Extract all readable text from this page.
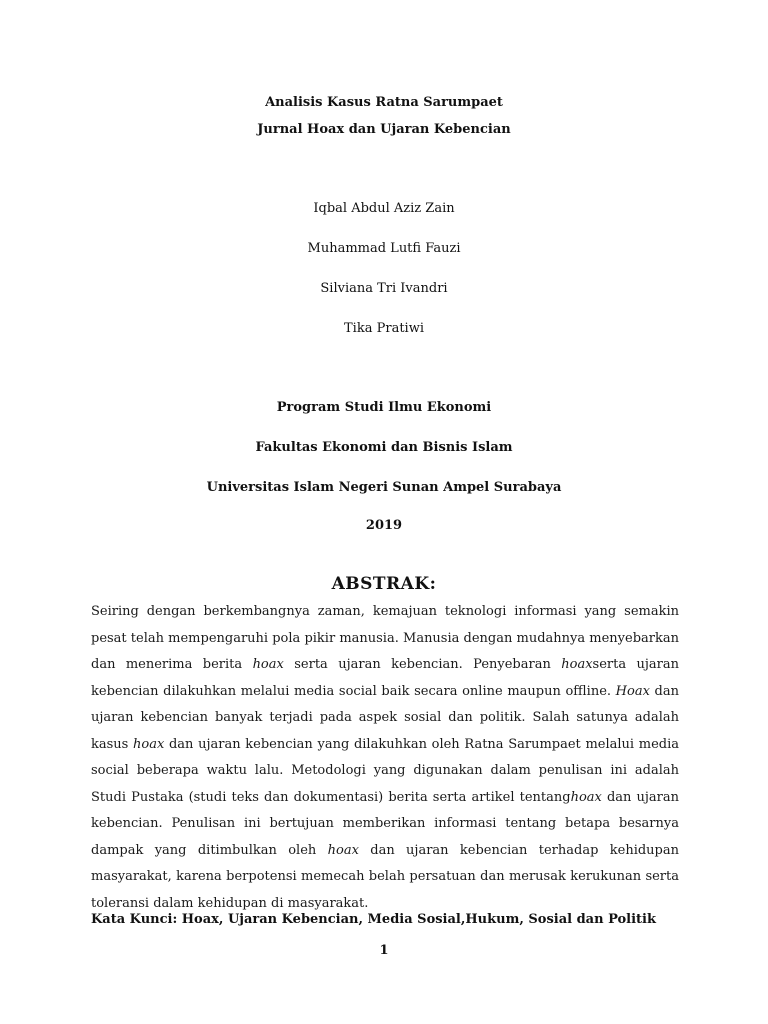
Analisis Kasus Ratna Sarumpaet
Jurnal Hoax dan Ujaran Kebencian
Iqbal Abdul Aziz Zain
Muhammad Lutfi Fauzi
Silviana Tri Ivandri
Tika Pratiwi
Program Studi Ilmu Ekonomi
Fakultas Ekonomi dan Bisnis Islam
Universitas Islam Negeri Sunan Ampel Surabaya
2019
ABSTRAK:

Seiring dengan berkembangnya zaman, kemajuan teknologi informasi yang semakin pesat telah mempengaruhi pola pikir manusia. Manusia dengan mudahnya menyebarkan dan menerima berita hoax serta ujaran kebencian. Penyebaran hoaxserta ujaran kebencian dilakuhkan melalui media social baik secara online maupun offline. Hoax dan ujaran kebencian banyak terjadi pada aspek sosial dan politik. Salah satunya adalah kasus hoax dan ujaran kebencian yang dilakuhkan oleh Ratna Sarumpaet melalui media social beberapa waktu lalu. Metodologi yang digunakan dalam penulisan ini adalah Studi Pustaka (studi teks dan dokumentasi) berita serta artikel tentanghoax dan ujaran kebencian. Penulisan ini bertujuan memberikan informasi tentang betapa besarnya dampak yang ditimbulkan oleh hoax dan ujaran kebencian terhadap kehidupan masyarakat, karena berpotensi memecah belah persatuan dan merusak kerukunan serta toleransi dalam kehidupan di masyarakat.

Kata Kunci: Hoax, Ujaran Kebencian, Media Sosial,Hukum, Sosial dan Politik

1
